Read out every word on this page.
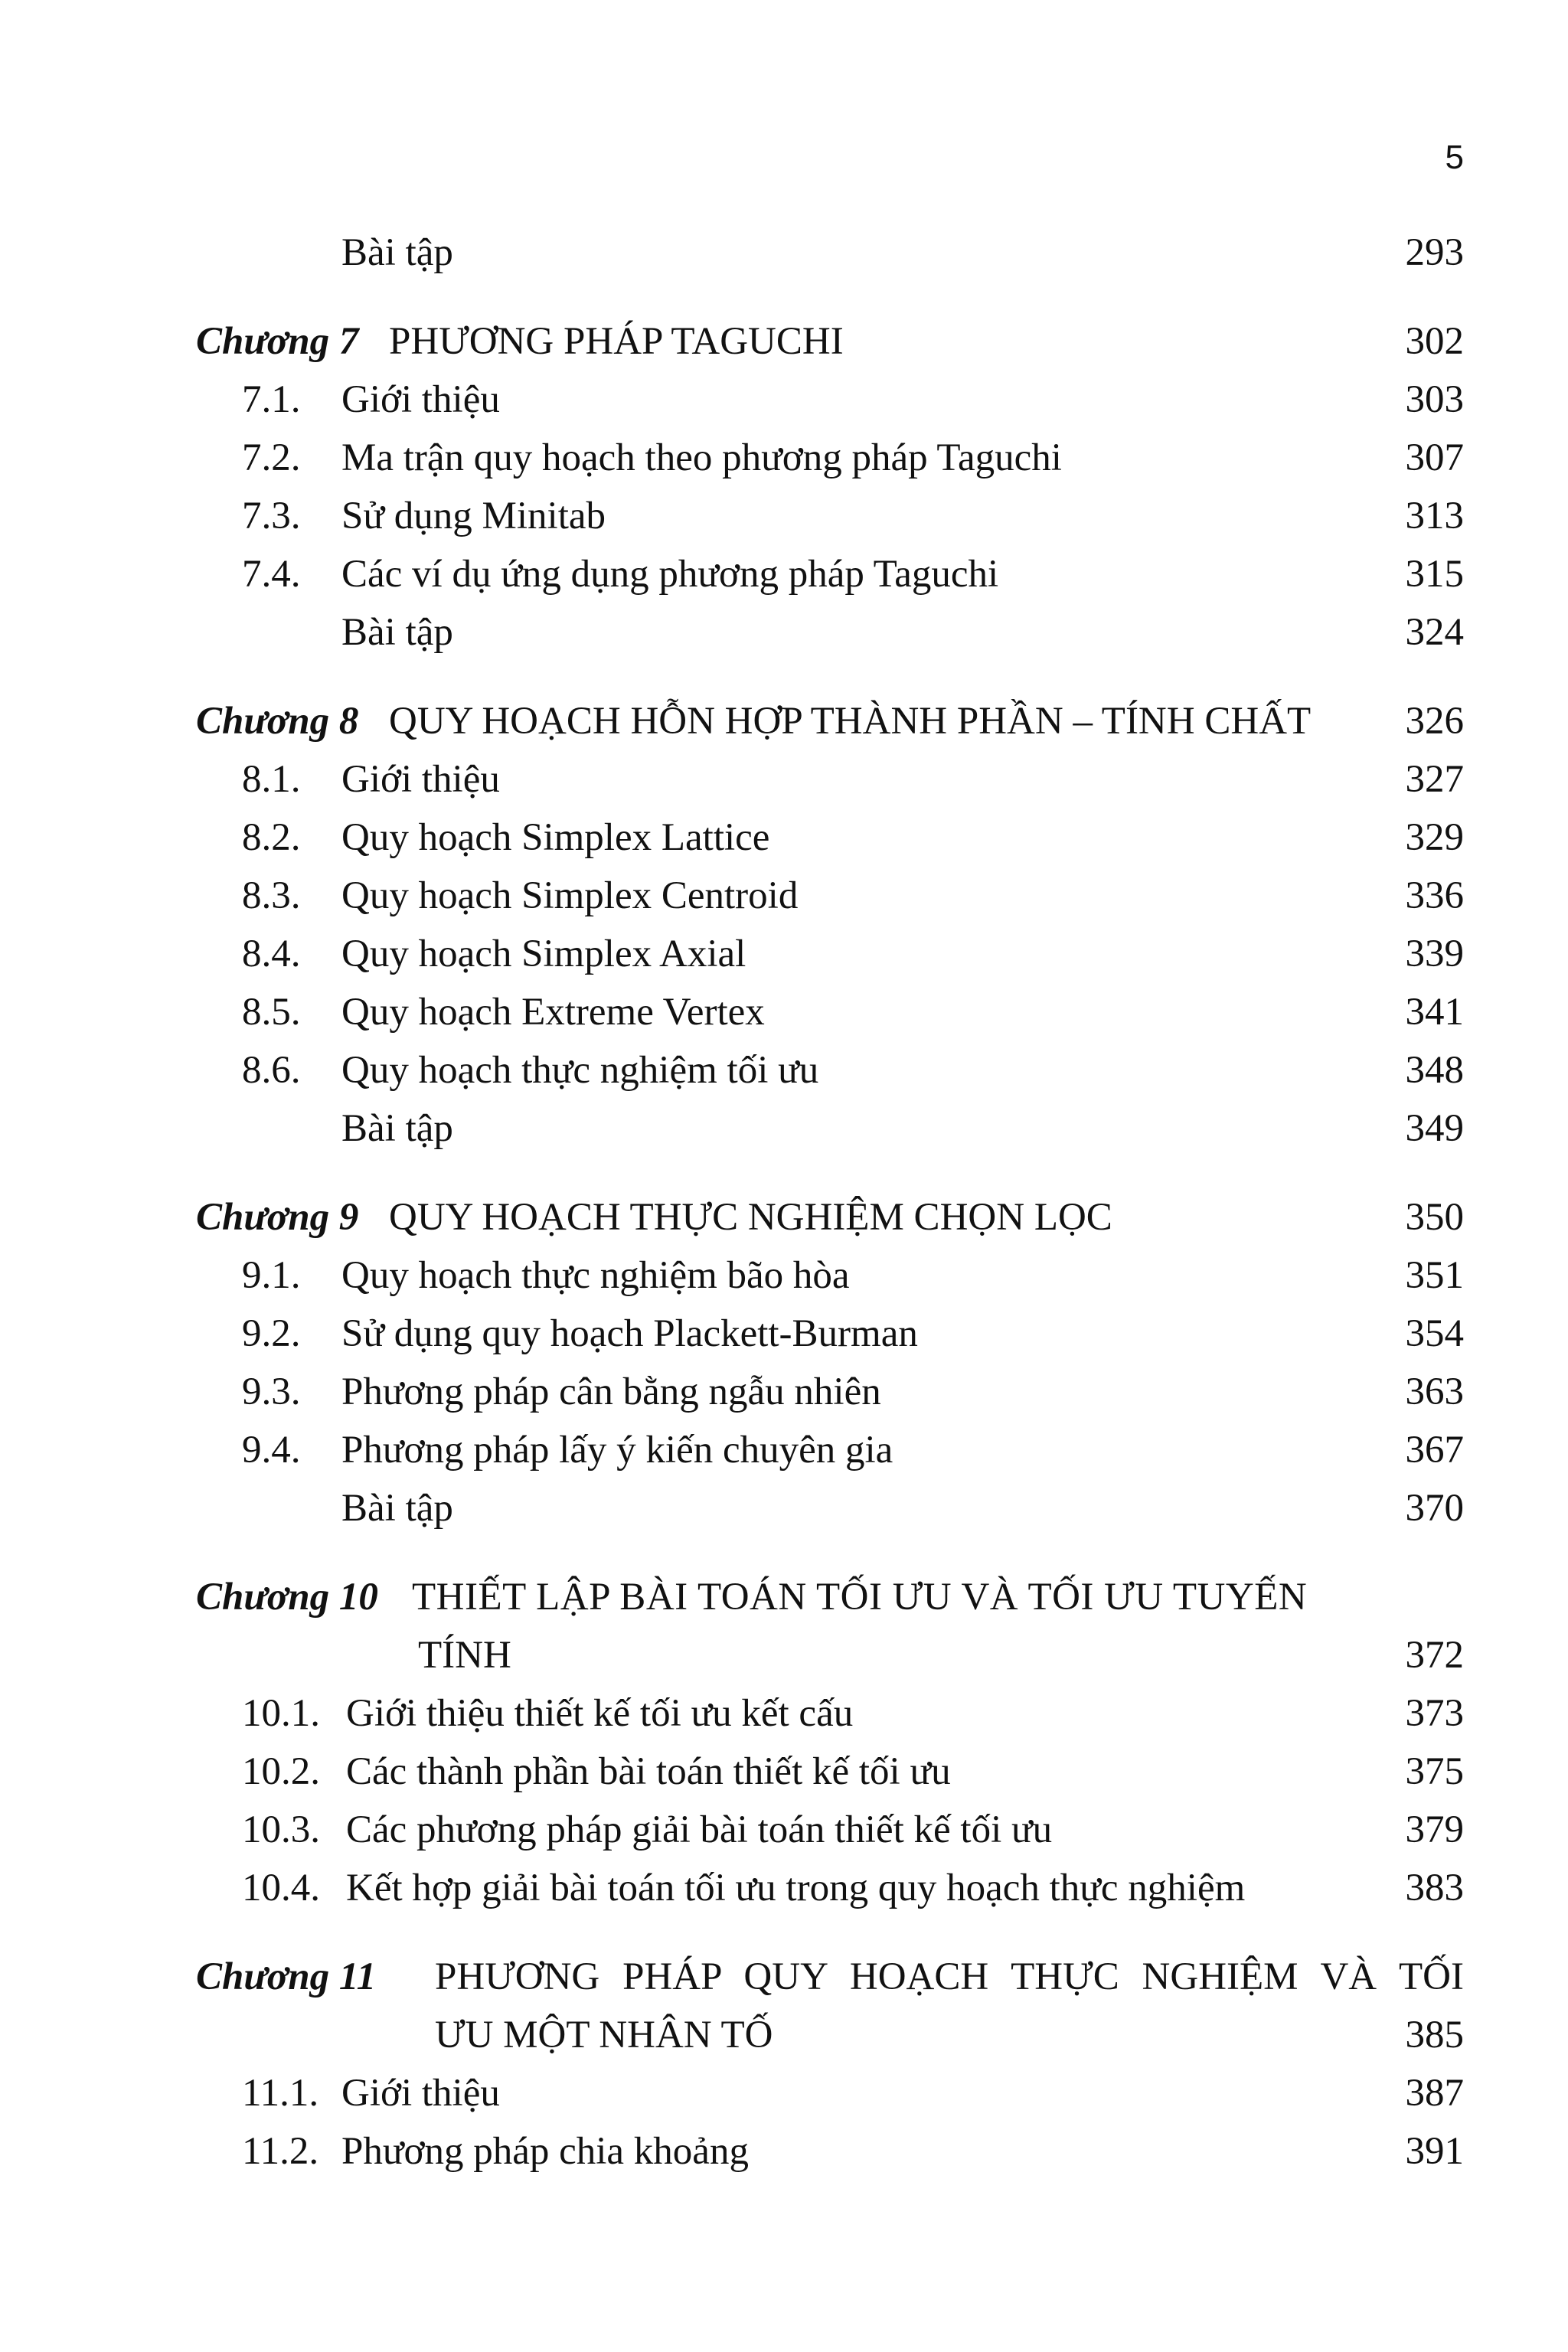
5
Bài tập	293
Chương 7 PHƯƠNG PHÁP TAGUCHI	302
7.1. Giới thiệu	303
7.2. Ma trận quy hoạch theo phương pháp Taguchi	307
7.3. Sử dụng Minitab	313
7.4. Các ví dụ ứng dụng phương pháp Taguchi	315
Bài tập	324
Chương 8 QUY HOẠCH HỖN HỢP THÀNH PHẦN – TÍNH CHẤT 326
8.1. Giới thiệu	327
8.2. Quy hoạch Simplex Lattice	329
8.3. Quy hoạch Simplex Centroid	336
8.4. Quy hoạch Simplex Axial	339
8.5. Quy hoạch Extreme Vertex	341
8.6. Quy hoạch thực nghiệm tối ưu	348
Bài tập	349
Chương 9 QUY HOẠCH THỰC NGHIỆM CHỌN LỌC	350
9.1. Quy hoạch thực nghiệm bão hòa	351
9.2. Sử dụng quy hoạch Plackett-Burman	354
9.3. Phương pháp cân bằng ngẫu nhiên	363
9.4. Phương pháp lấy ý kiến chuyên gia	367
Bài tập	370
Chương 10 THIẾT LẬP BÀI TOÁN TỐI ƯU VÀ TỐI ƯU TUYẾN
TÍNH	372
10.1. Giới thiệu thiết kế tối ưu kết cấu	373
10.2. Các thành phần bài toán thiết kế tối ưu	375
10.3. Các phương pháp giải bài toán thiết kế tối ưu	379
10.4. Kết hợp giải bài toán tối ưu trong quy hoạch thực nghiệm	383
Chương 11 PHƯƠNG PHÁP QUY HOẠCH THỰC NGHIỆM VÀ TỐI
ƯU MỘT NHÂN TỐ	385
11.1. Giới thiệu	387
11.2. Phương pháp chia khoảng	391
